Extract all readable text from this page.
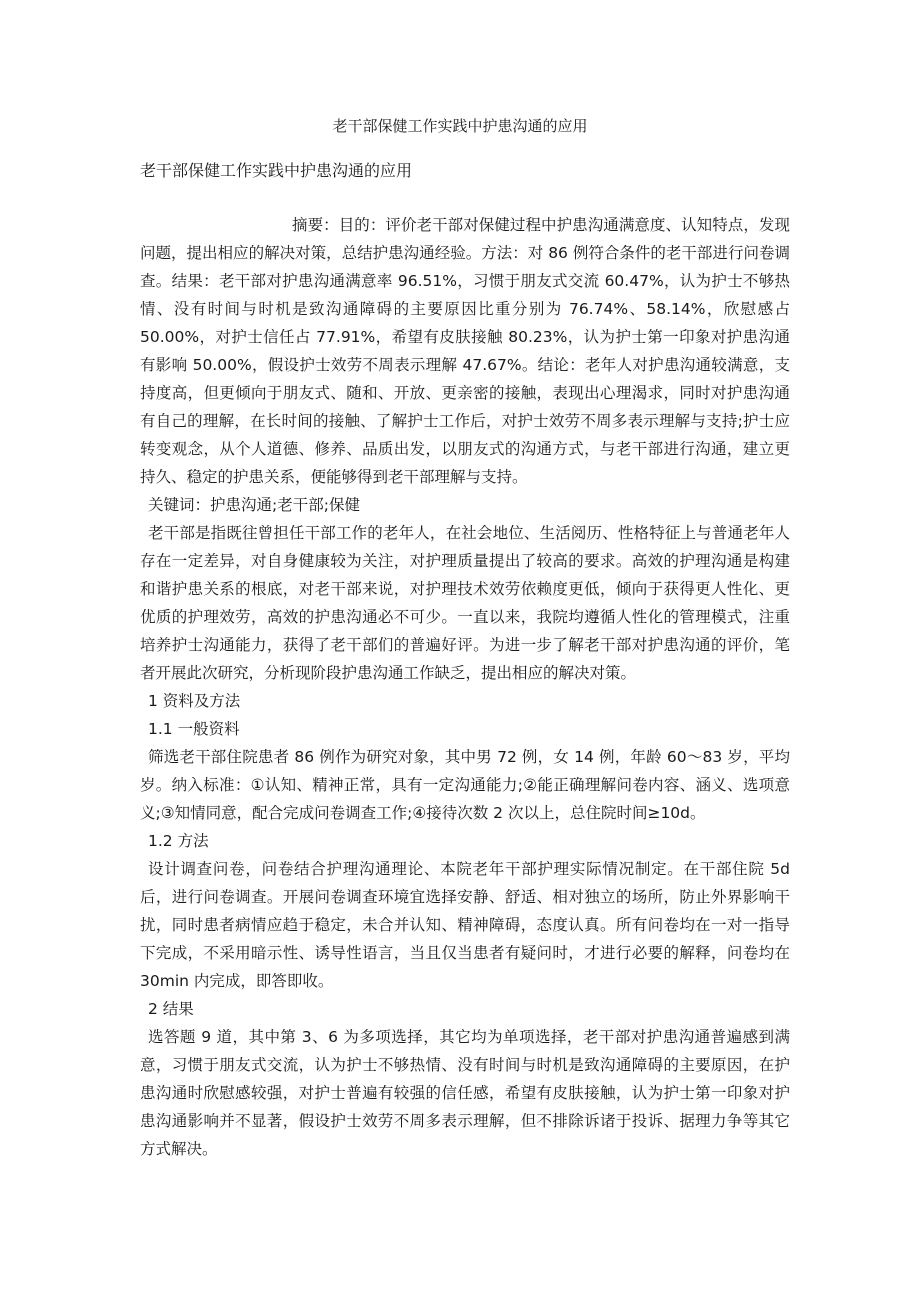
老干部保健工作实践中护患沟通的应用
老干部保健工作实践中护患沟通的应用

摘要：目的：评价老干部对保健过程中护患沟通满意度、认知特点，发现问题，提出相应的解决对策，总结护患沟通经验。方法：对 86 例符合条件的老干部进行问卷调查。结果：老干部对护患沟通满意率 96.51%，习惯于朋友式交流 60.47%，认为护士不够热情、没有时间与时机是致沟通障碍的主要原因比重分别为 76.74%、58.14%，欣慰感占 50.00%，对护士信任占 77.91%，希望有皮肤接触 80.23%，认为护士第一印象对护患沟通有影响 50.00%，假设护士效劳不周表示理解 47.67%。结论：老年人对护患沟通较满意，支持度高，但更倾向于朋友式、随和、开放、更亲密的接触，表现出心理渴求，同时对护患沟通有自己的理解，在长时间的接触、了解护士工作后，对护士效劳不周多表示理解与支持;护士应转变观念，从个人道德、修养、品质出发，以朋友式的沟通方式，与老干部进行沟通，建立更持久、稳定的护患关系，便能够得到老干部理解与支持。

关键词：护患沟通;老干部;保健

老干部是指既往曾担任干部工作的老年人，在社会地位、生活阅历、性格特征上与普通老年人存在一定差异，对自身健康较为关注，对护理质量提出了较高的要求。高效的护理沟通是构建和谐护患关系的根底，对老干部来说，对护理技术效劳依赖度更低，倾向于获得更人性化、更优质的护理效劳，高效的护患沟通必不可少。一直以来，我院均遵循人性化的管理模式，注重培养护士沟通能力，获得了老干部们的普遍好评。为进一步了解老干部对护患沟通的评价，笔者开展此次研究，分析现阶段护患沟通工作缺乏，提出相应的解决对策。

1 资料及方法

1.1 一般资料

筛选老干部住院患者 86 例作为研究对象，其中男 72 例，女 14 例，年龄 60～83 岁，平均岁。纳入标准：①认知、精神正常，具有一定沟通能力;②能正确理解问卷内容、涵义、选项意义;③知情同意，配合完成问卷调查工作;④接待次数 2 次以上，总住院时间≥10d。

1.2 方法

设计调查问卷，问卷结合护理沟通理论、本院老年干部护理实际情况制定。在干部住院 5d 后，进行问卷调查。开展问卷调查环境宜选择安静、舒适、相对独立的场所，防止外界影响干扰，同时患者病情应趋于稳定，未合并认知、精神障碍，态度认真。所有问卷均在一对一指导下完成，不采用暗示性、诱导性语言，当且仅当患者有疑问时，才进行必要的解释，问卷均在 30min 内完成，即答即收。

2 结果

选答题 9 道，其中第 3、6 为多项选择，其它均为单项选择，老干部对护患沟通普遍感到满意，习惯于朋友式交流，认为护士不够热情、没有时间与时机是致沟通障碍的主要原因，在护患沟通时欣慰感较强，对护士普遍有较强的信任感，希望有皮肤接触，认为护士第一印象对护患沟通影响并不显著，假设护士效劳不周多表示理解，但不排除诉诸于投诉、据理力争等其它方式解决。
